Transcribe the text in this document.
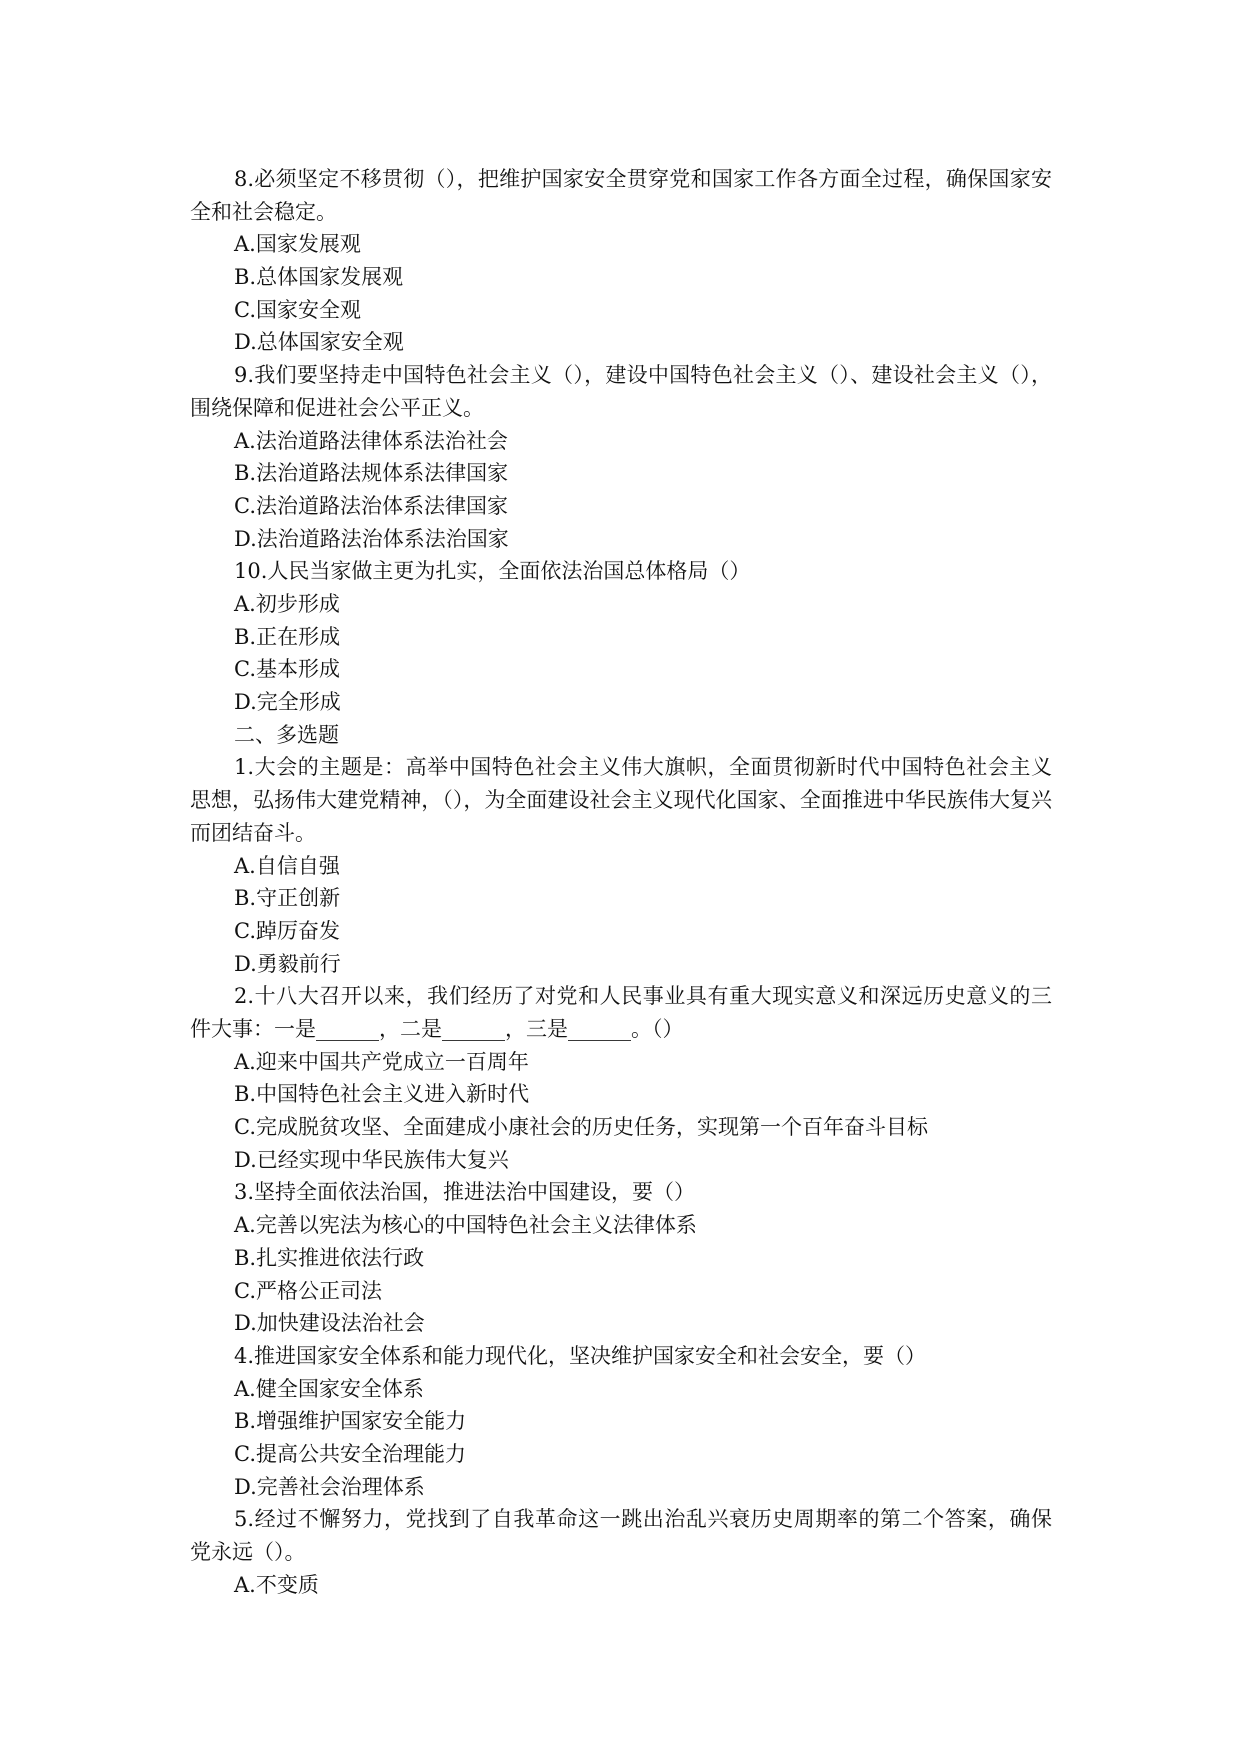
8.必须坚定不移贯彻（），把维护国家安全贯穿党和国家工作各方面全过程，确保国家安全和社会稳定。

A.国家发展观

B.总体国家发展观

C.国家安全观

D.总体国家安全观

9.我们要坚持走中国特色社会主义（），建设中国特色社会主义（）、建设社会主义（），围绕保障和促进社会公平正义。

A.法治道路法律体系法治社会

B.法治道路法规体系法律国家

C.法治道路法治体系法律国家

D.法治道路法治体系法治国家

10.人民当家做主更为扎实，全面依法治国总体格局（）

A.初步形成

B.正在形成

C.基本形成

D.完全形成

二、多选题

1.大会的主题是：高举中国特色社会主义伟大旗帜，全面贯彻新时代中国特色社会主义思想，弘扬伟大建党精神，（），为全面建设社会主义现代化国家、全面推进中华民族伟大复兴而团结奋斗。

A.自信自强

B.守正创新

C.踔厉奋发

D.勇毅前行

2.十八大召开以来，我们经历了对党和人民事业具有重大现实意义和深远历史意义的三件大事：一是______，二是______，三是______。（）

A.迎来中国共产党成立一百周年

B.中国特色社会主义进入新时代

C.完成脱贫攻坚、全面建成小康社会的历史任务，实现第一个百年奋斗目标

D.已经实现中华民族伟大复兴

3.坚持全面依法治国，推进法治中国建设，要（）

A.完善以宪法为核心的中国特色社会主义法律体系

B.扎实推进依法行政

C.严格公正司法

D.加快建设法治社会

4.推进国家安全体系和能力现代化，坚决维护国家安全和社会安全，要（）

A.健全国家安全体系

B.增强维护国家安全能力

C.提高公共安全治理能力

D.完善社会治理体系

5.经过不懈努力，党找到了自我革命这一跳出治乱兴衰历史周期率的第二个答案，确保党永远（）。

A.不变质
